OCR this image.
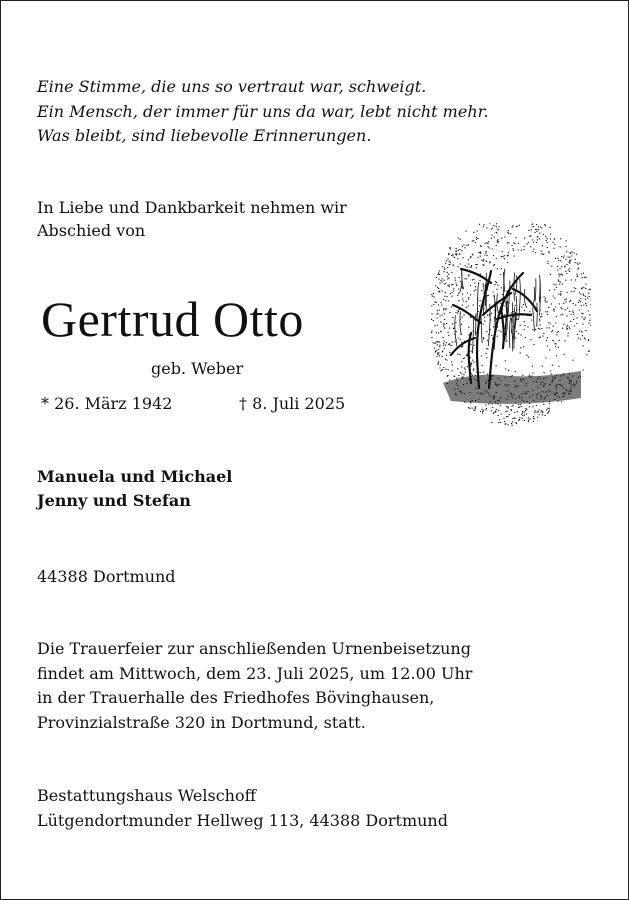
Eine Stimme, die uns so vertraut war, schweigt.
Ein Mensch, der immer für uns da war, lebt nicht mehr.
Was bleibt, sind liebevolle Erinnerungen.
In Liebe und Dankbarkeit nehmen wir
Abschied von
Gertrud Otto
geb. Weber
* 26. März 1942	† 8. Juli 2025
Manuela und Michael
Jenny und Stefan
44388 Dortmund
Die Trauerfeier zur anschließenden Urnenbeisetzung
findet am Mittwoch, dem 23. Juli 2025, um 12.00 Uhr
in der Trauerhalle des Friedhofes Bövinghausen,
Provinzialstraße 320 in Dortmund, statt.
Bestattungshaus Welschoff
Lütgendortmunder Hellweg 113, 44388 Dortmund
